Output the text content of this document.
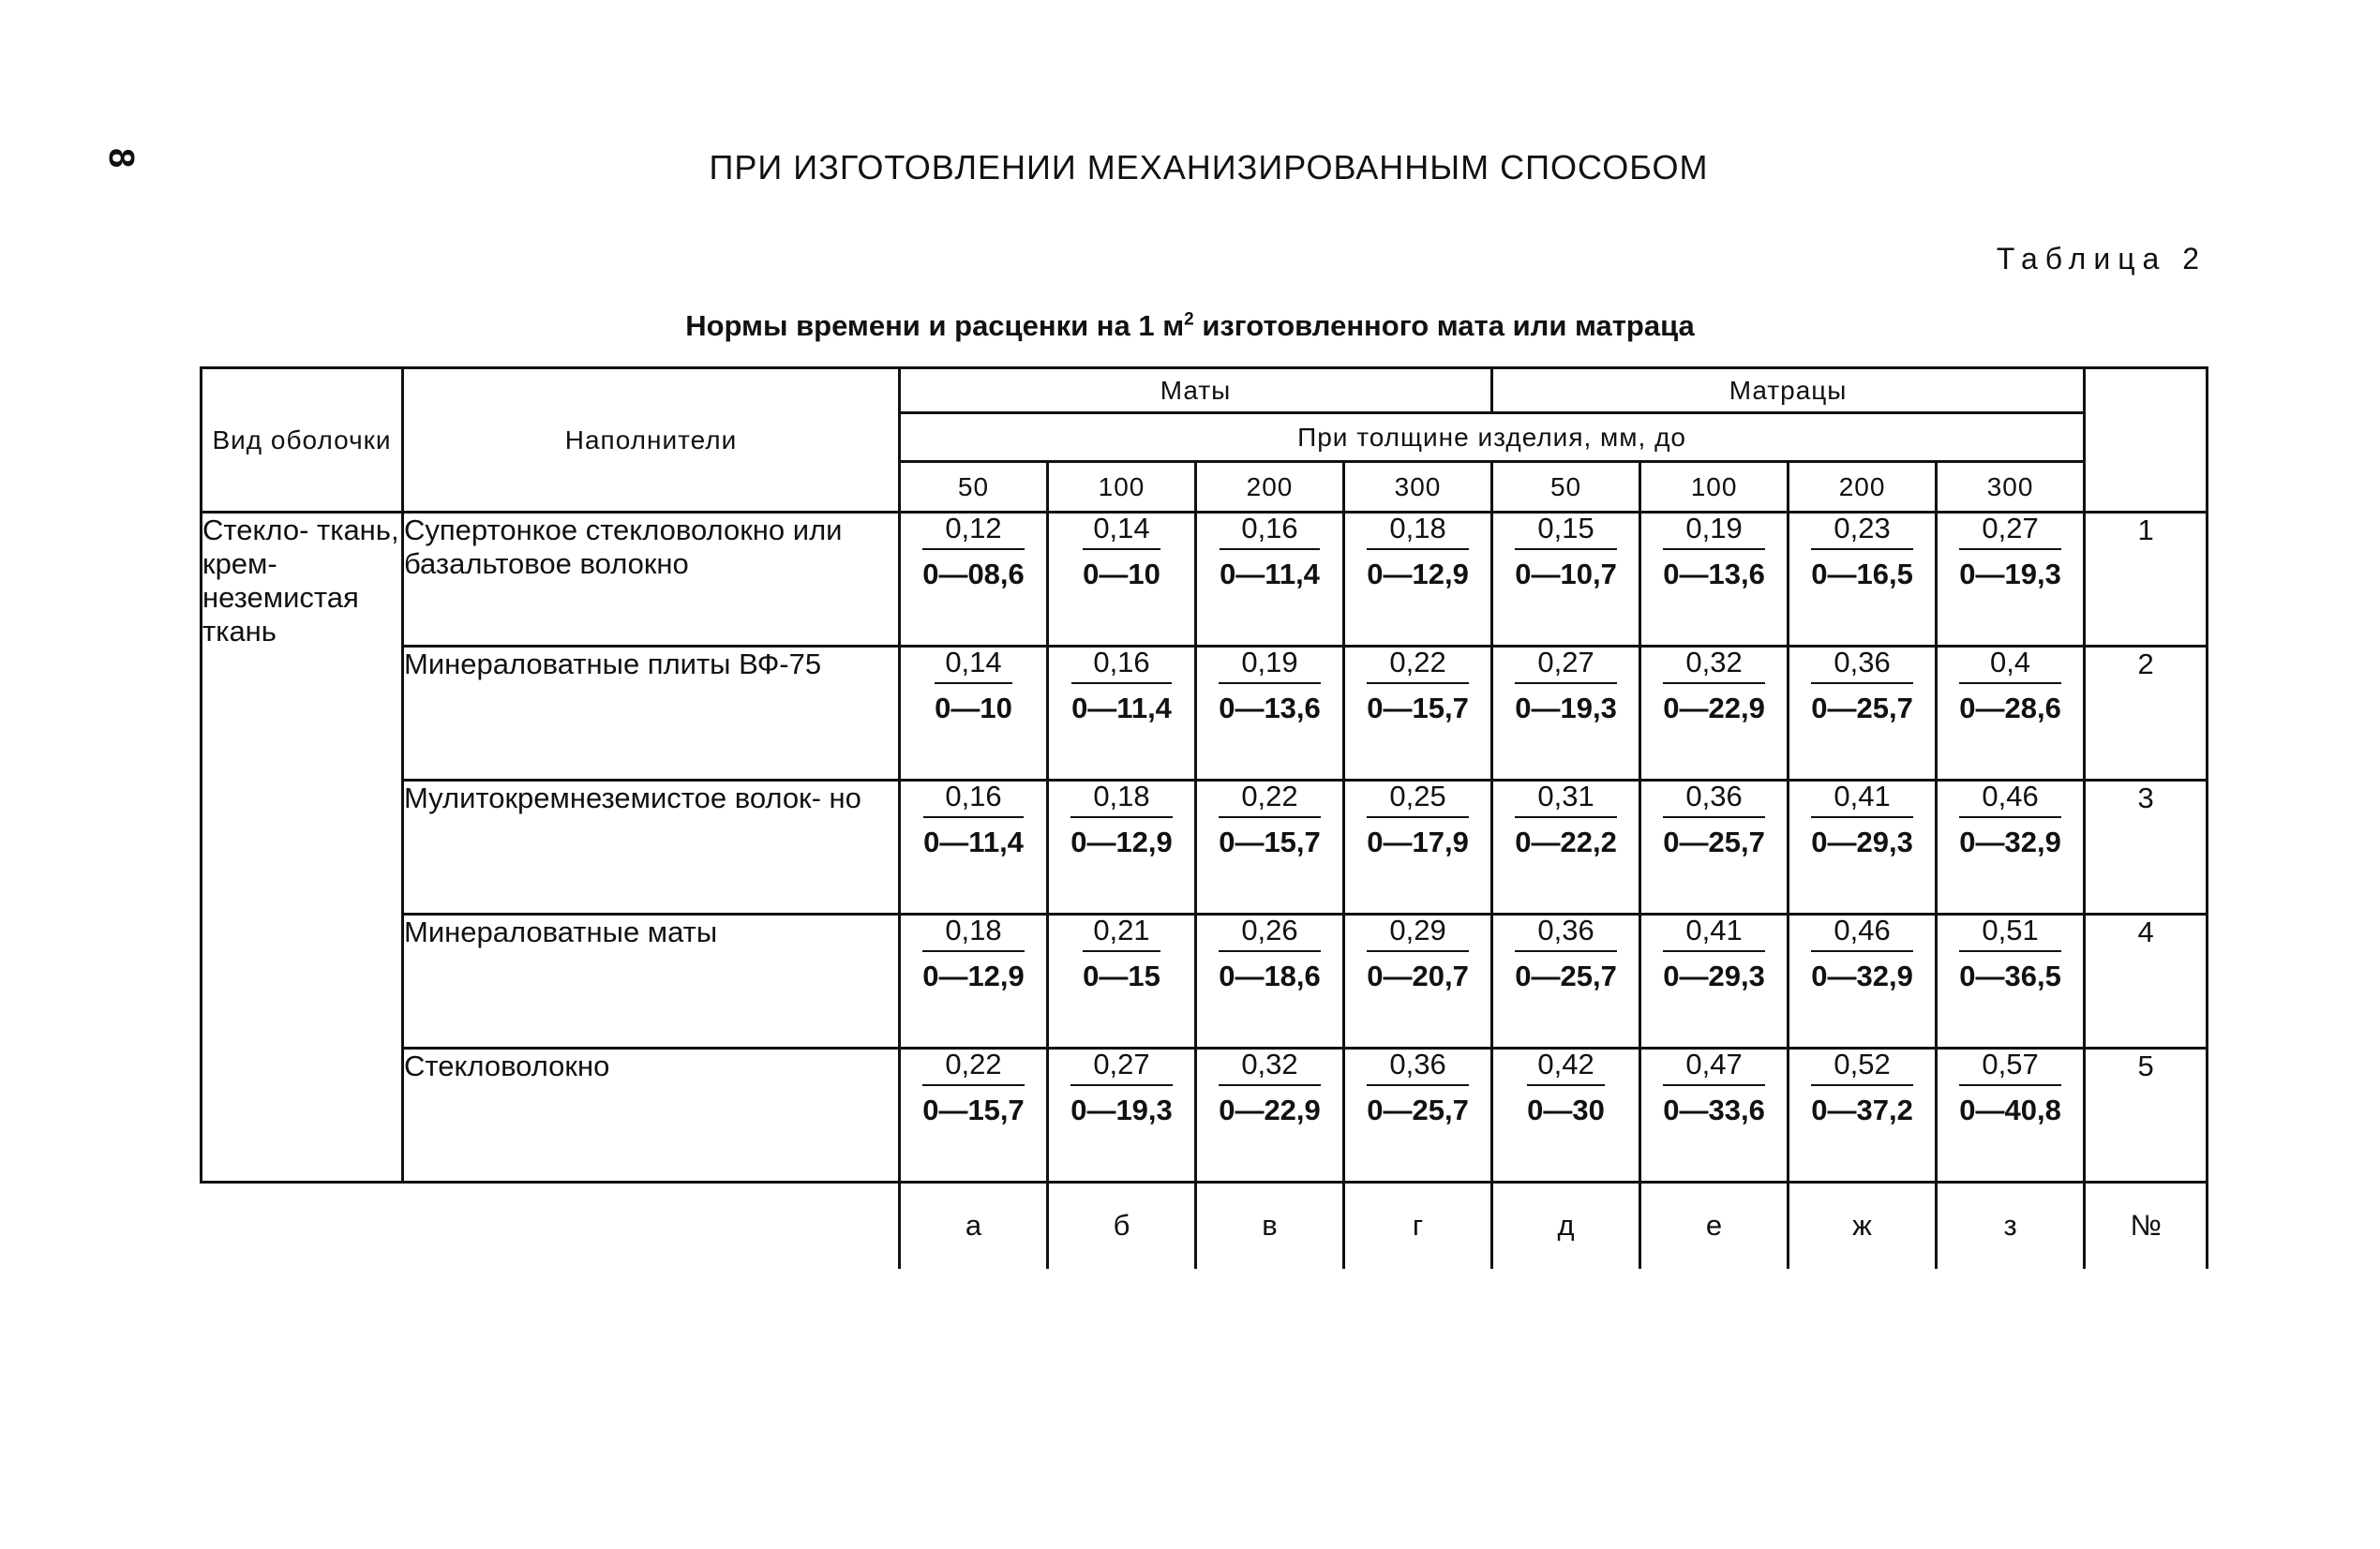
8	ПРИ ИЗГОТОВЛЕНИИ МЕХАНИЗИРОВАННЫМ СПОСОБОМ
Таблица 2
Нормы времени и расценки на 1 $м^2$ изготовленного мата или матраца
Вид оболочки	Наполнители	Маты				Матрацы				
		При толщине изделия, мм, до								
		50	100	200	300	50	100	200	300	
Стекло- ткань, крем- неземистая ткань	Супертонкое стекловолокно или базальтовое волокно	$\frac{0,12}{0—08,6}$	$\frac{0,14}{0—10}$	$\frac{0,16}{0—11,4}$	$\frac{0,18}{0—12,9}$	$\frac{0,15}{0—10,7}$	$\frac{0,19}{0—13,6}$	$\frac{0,23}{0—16,5}$	$\frac{0,27}{0—19,3}$	1
	Минераловатные плиты ВФ-75	$\frac{0,14}{0—10}$	$\frac{0,16}{0—11,4}$	$\frac{0,19}{0—13,6}$	$\frac{0,22}{0—15,7}$	$\frac{0,27}{0—19,3}$	$\frac{0,32}{0—22,9}$	$\frac{0,36}{0—25,7}$	$\frac{0,4}{0—28,6}$	2
	Мулитокремнеземистое волок- но	$\frac{0,16}{0—11,4}$	$\frac{0,18}{0—12,9}$	$\frac{0,22}{0—15,7}$	$\frac{0,25}{0—17,9}$	$\frac{0,31}{0—22,2}$	$\frac{0,36}{0—25,7}$	$\frac{0,41}{0—29,3}$	$\frac{0,46}{0—32,9}$	3
	Минераловатные маты	$\frac{0,18}{0—12,9}$	$\frac{0,21}{0—15}$	$\frac{0,26}{0—18,6}$	$\frac{0,29}{0—20,7}$	$\frac{0,36}{0—25,7}$	$\frac{0,41}{0—29,3}$	$\frac{0,46}{0—32,9}$	$\frac{0,51}{0—36,5}$	4
	Стекловолокно	$\frac{0,22}{0—15,7}$	$\frac{0,27}{0—19,3}$	$\frac{0,32}{0—22,9}$	$\frac{0,36}{0—25,7}$	$\frac{0,42}{0—30}$	$\frac{0,47}{0—33,6}$	$\frac{0,52}{0—37,2}$	$\frac{0,57}{0—40,8}$	5
		а	б	в	г	д	е	ж	з	№
